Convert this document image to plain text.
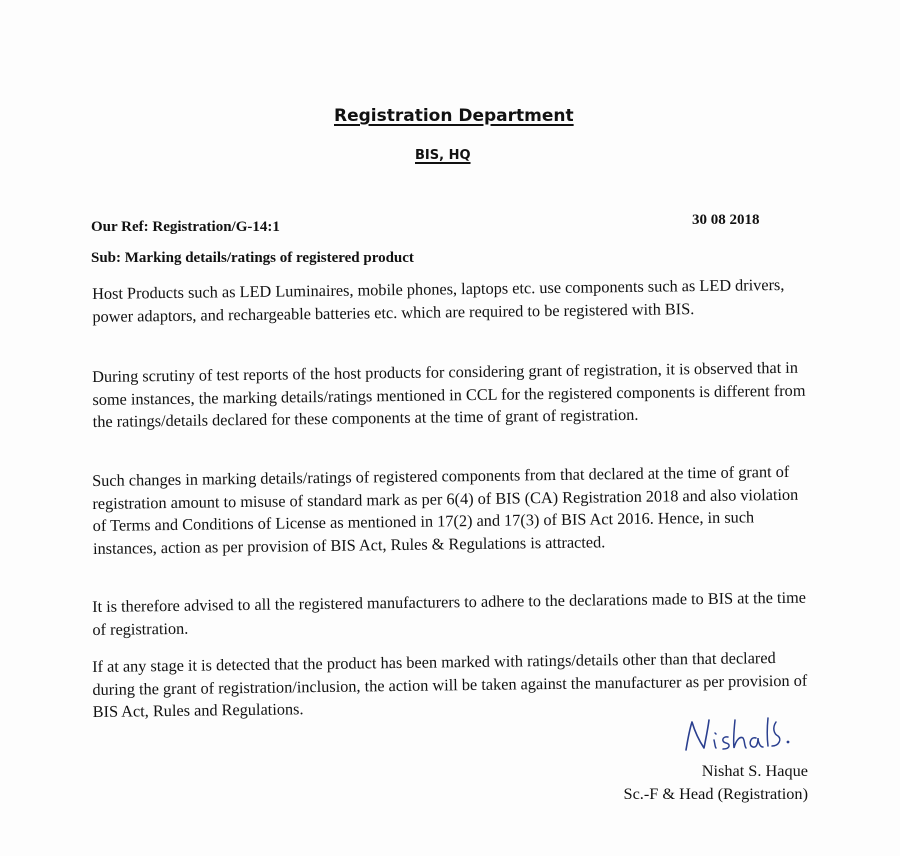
Registration Department
BIS, HQ
Our Ref: Registration/G-14:1	30 08 2018
Sub: Marking details/ratings of registered product

Host Products such as LED Luminaires, mobile phones, laptops etc. use components such as LED drivers, power adaptors, and rechargeable batteries etc. which are required to be registered with BIS.

During scrutiny of test reports of the host products for considering grant of registration, it is observed that in some instances, the marking details/ratings mentioned in CCL for the registered components is different from the ratings/details declared for these components at the time of grant of registration.

Such changes in marking details/ratings of registered components from that declared at the time of grant of registration amount to misuse of standard mark as per 6(4) of BIS (CA) Registration 2018 and also violation of Terms and Conditions of License as mentioned in 17(2) and 17(3) of BIS Act 2016. Hence, in such instances, action as per provision of BIS Act, Rules & Regulations is attracted.

It is therefore advised to all the registered manufacturers to adhere to the declarations made to BIS at the time of registration.

If at any stage it is detected that the product has been marked with ratings/details other than that declared during the grant of registration/inclusion, the action will be taken against the manufacturer as per provision of BIS Act, Rules and Regulations.

Nishat S. Haque
Sc.-F & Head (Registration)
